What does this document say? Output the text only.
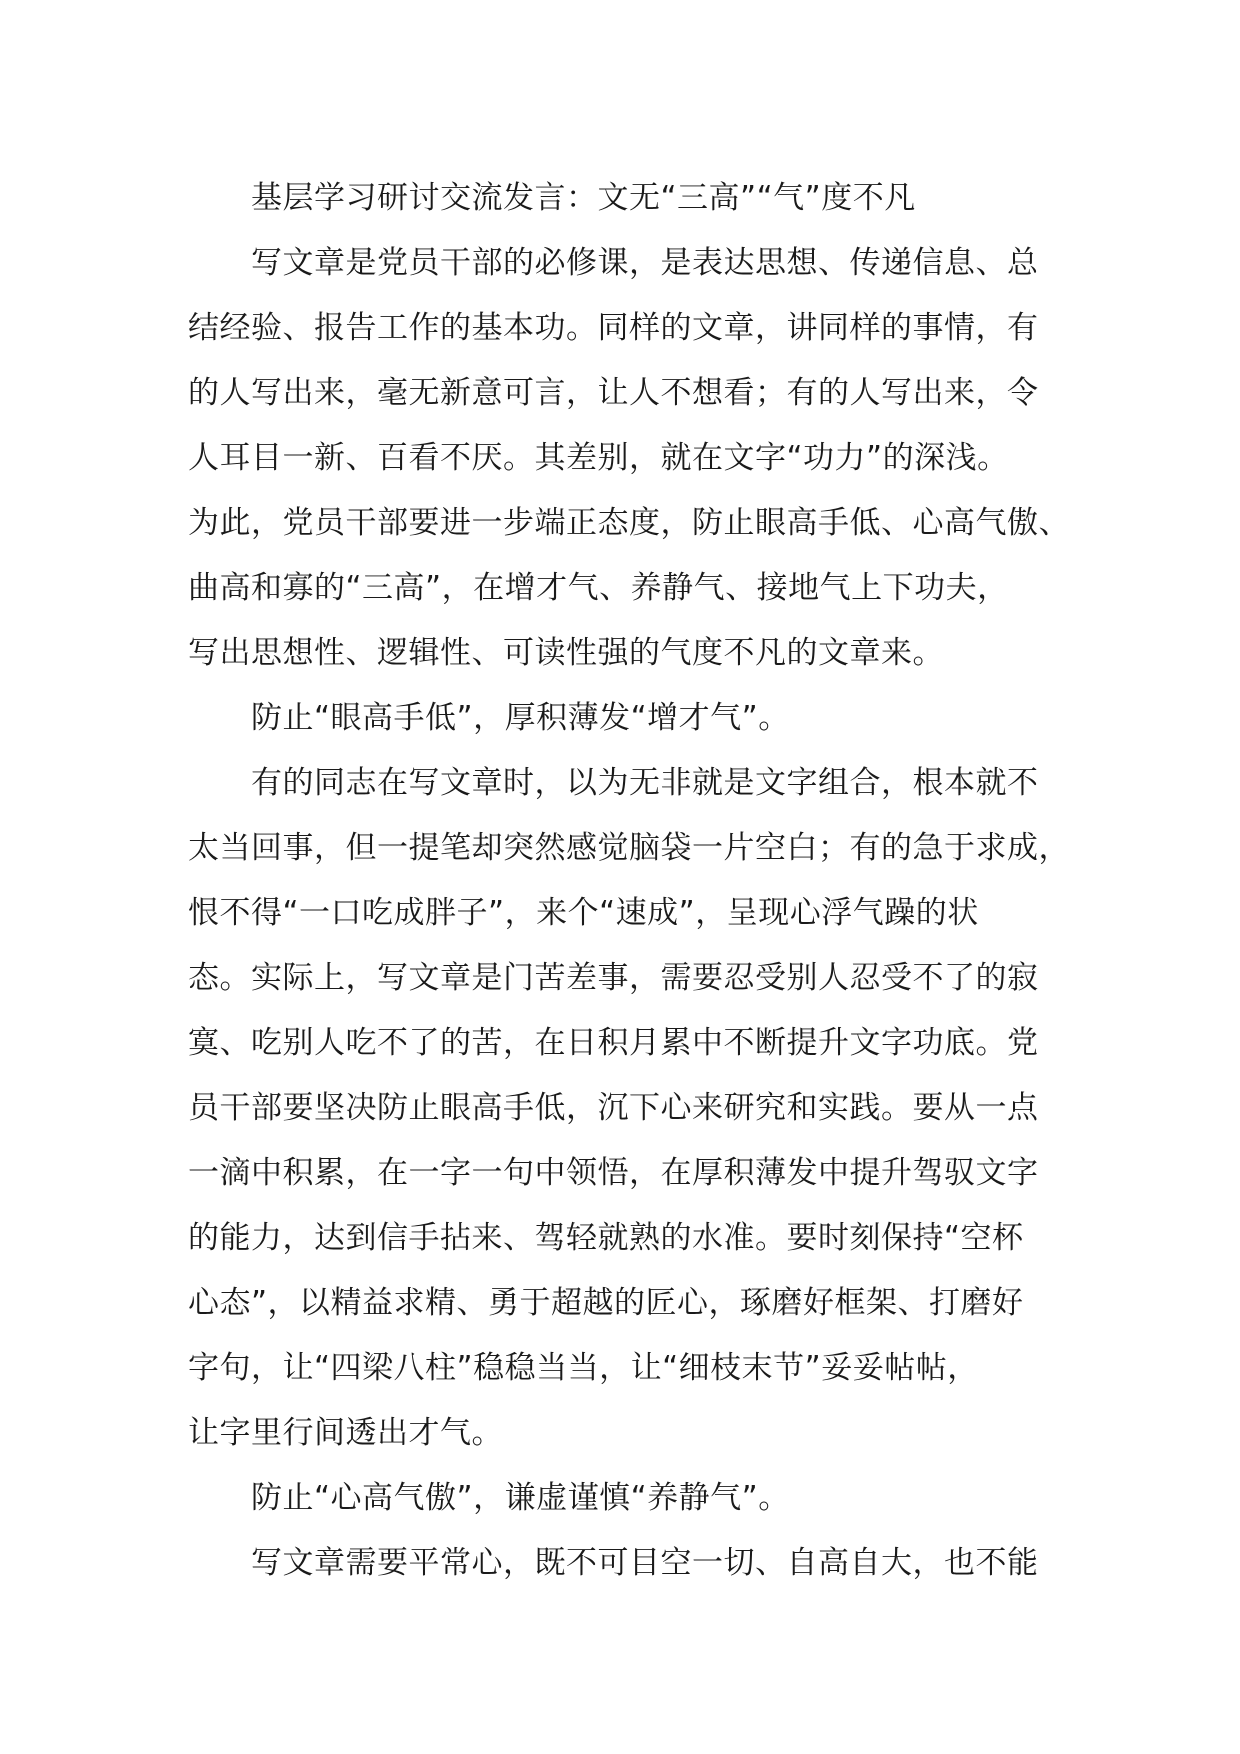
基层学习研讨交流发言：文无“三高”“气”度不凡
写文章是党员干部的必修课，是表达思想、传递信息、总
结经验、报告工作的基本功。同样的文章，讲同样的事情，有
的人写出来，毫无新意可言，让人不想看；有的人写出来，令
人耳目一新、百看不厌。其差别，就在文字“功力”的深浅。
为此，党员干部要进一步端正态度，防止眼高手低、心高气傲、
曲高和寡的“三高”，在增才气、养静气、接地气上下功夫，
写出思想性、逻辑性、可读性强的气度不凡的文章来。
防止“眼高手低”，厚积薄发“增才气”。
有的同志在写文章时，以为无非就是文字组合，根本就不
太当回事，但一提笔却突然感觉脑袋一片空白；有的急于求成，
恨不得“一口吃成胖子”，来个“速成”，呈现心浮气躁的状
态。实际上，写文章是门苦差事，需要忍受别人忍受不了的寂
寞、吃别人吃不了的苦，在日积月累中不断提升文字功底。党
员干部要坚决防止眼高手低，沉下心来研究和实践。要从一点
一滴中积累，在一字一句中领悟，在厚积薄发中提升驾驭文字
的能力，达到信手拈来、驾轻就熟的水准。要时刻保持“空杯
心态”，以精益求精、勇于超越的匠心，琢磨好框架、打磨好
字句，让“四梁八柱”稳稳当当，让“细枝末节”妥妥帖帖，
让字里行间透出才气。
防止“心高气傲”，谦虚谨慎“养静气”。
写文章需要平常心，既不可目空一切、自高自大，也不能
